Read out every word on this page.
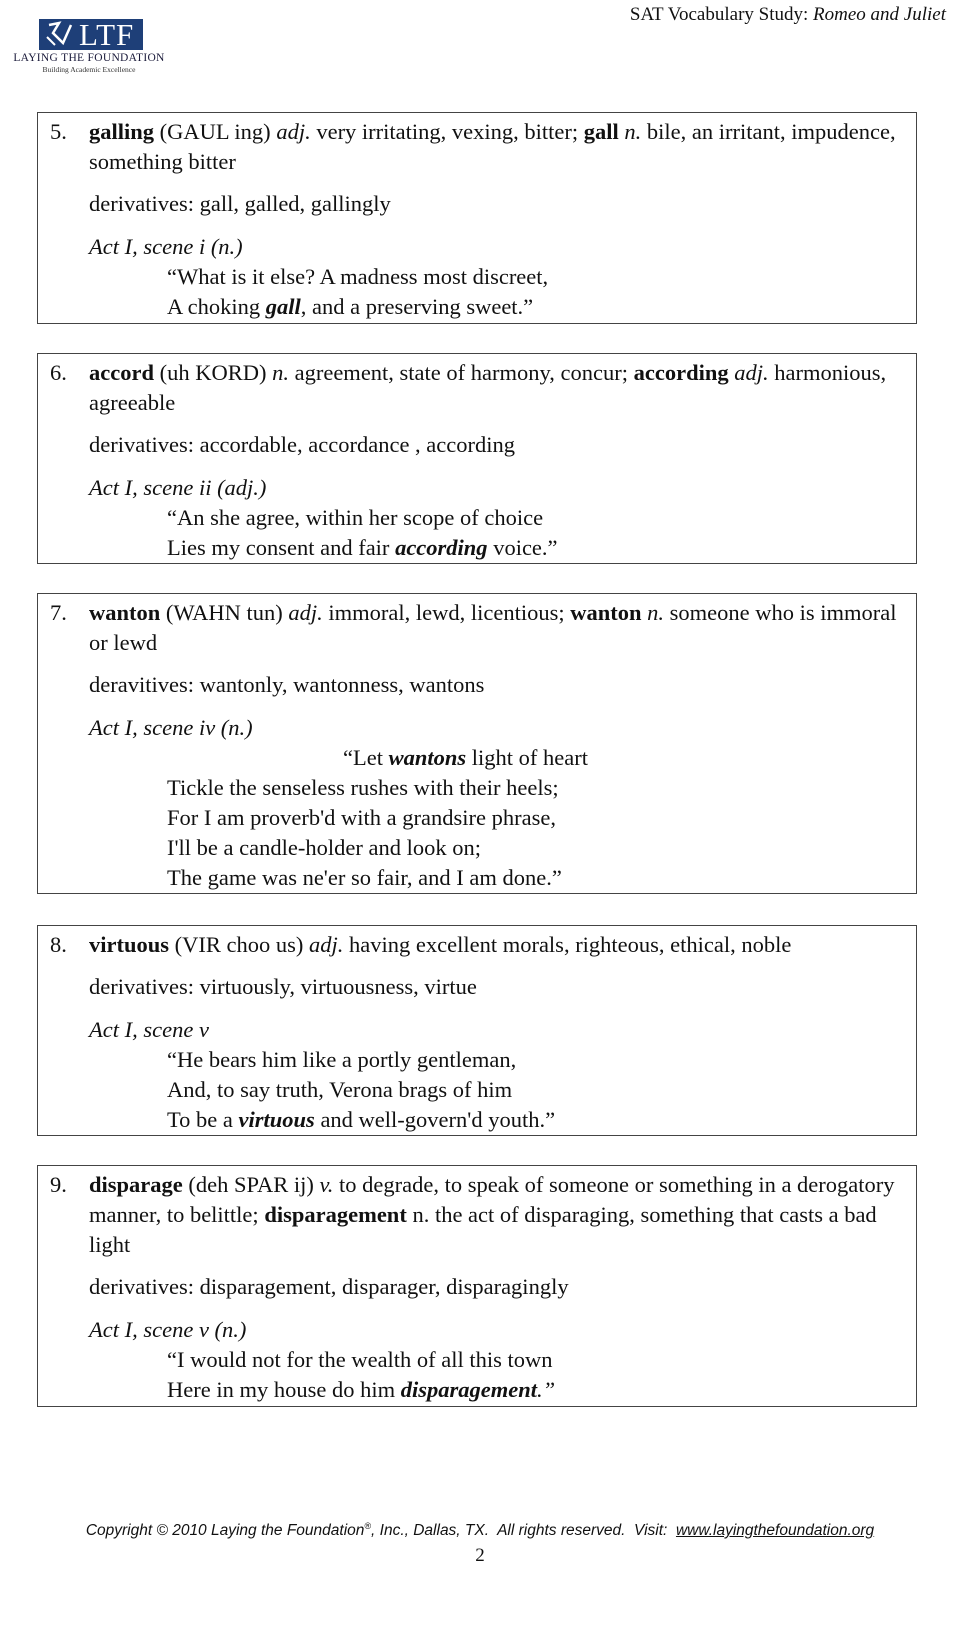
LTF
LAYING THE FOUNDATION
Building Academic Excellence
SAT Vocabulary Study: Romeo and Juliet
5. galling (GAUL ing) adj. very irritating, vexing, bitter; gall n. bile, an irritant, impudence, something bitter
derivatives: gall, galled, gallingly
Act I, scene i (n.)
“What is it else? A madness most discreet,
A choking gall, and a preserving sweet.”
6. accord (uh KORD) n. agreement, state of harmony, concur; according adj. harmonious, agreeable
derivatives: accordable, accordance , according
Act I, scene ii (adj.)
“An she agree, within her scope of choice
Lies my consent and fair according voice.”
7. wanton (WAHN tun) adj. immoral, lewd, licentious; wanton n. someone who is immoral or lewd
deravitives: wantonly, wantonness, wantons
Act I, scene iv (n.)
“Let wantons light of heart
Tickle the senseless rushes with their heels;
For I am proverb'd with a grandsire phrase,
I'll be a candle-holder and look on;
The game was ne'er so fair, and I am done.”
8. virtuous (VIR choo us) adj. having excellent morals, righteous, ethical, noble
derivatives: virtuously, virtuousness, virtue
Act I, scene v
“He bears him like a portly gentleman,
And, to say truth, Verona brags of him
To be a virtuous and well-govern'd youth.”
9. disparage (deh SPAR ij) v. to degrade, to speak of someone or something in a derogatory manner, to belittle; disparagement n. the act of disparaging, something that casts a bad light
derivatives: disparagement, disparager, disparagingly
Act I, scene v (n.)
“I would not for the wealth of all this town
Here in my house do him disparagement.”
Copyright © 2010 Laying the Foundation®, Inc., Dallas, TX.  All rights reserved.  Visit:  www.layingthefoundation.org
2
